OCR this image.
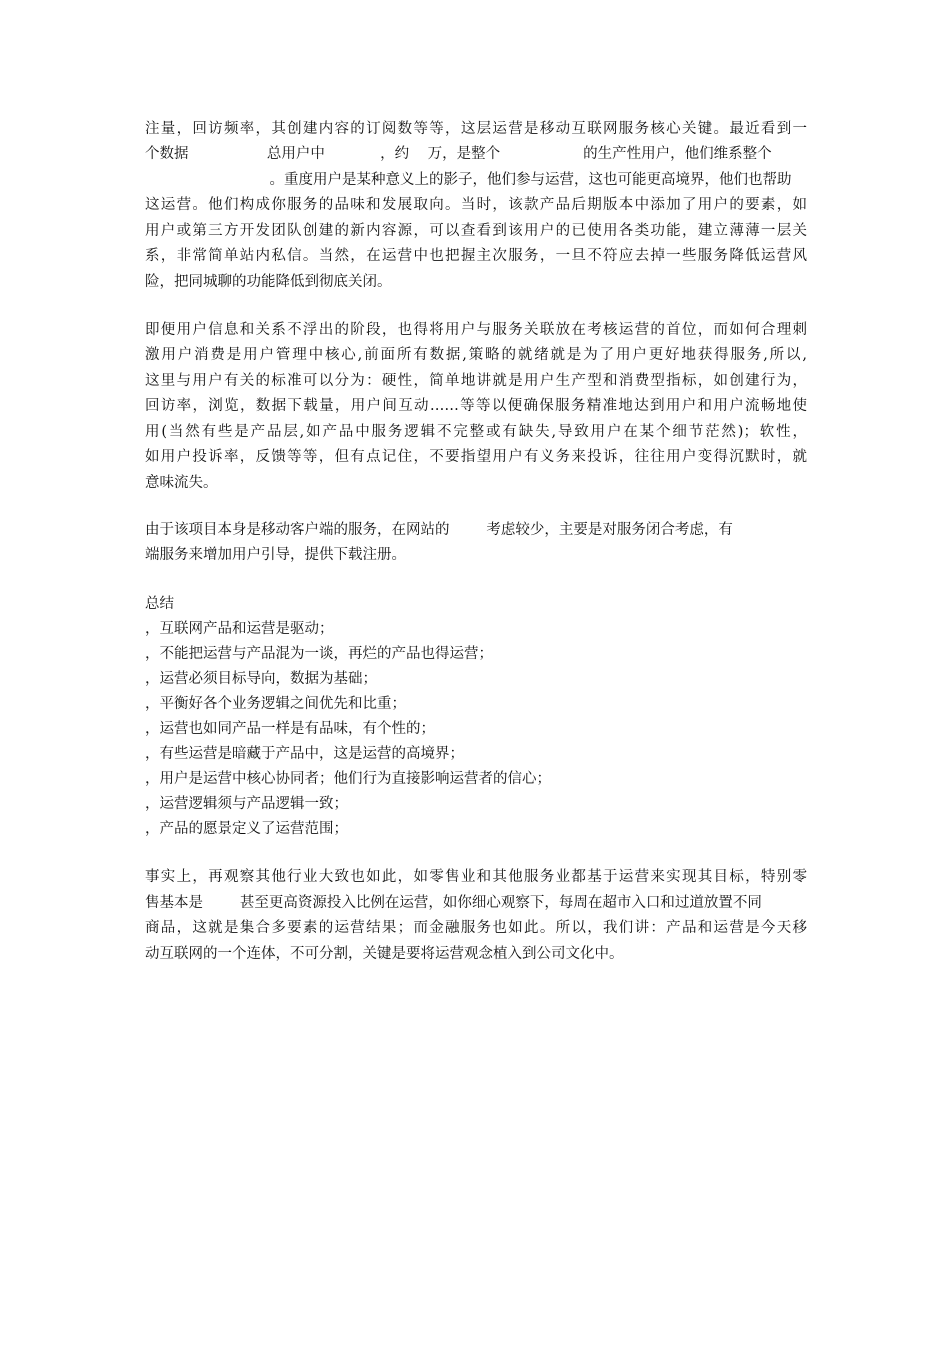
注量，回访频率，其创建内容的订阅数等等，这层运营是移动互联网服务核心关键。最近看到一

个数据                 总用户中            ，约    万，是整个                  的生产性用户，他们维系整个

。重度用户是某种意义上的影子，他们参与运营，这也可能更高境界，他们也帮助

这运营。他们构成你服务的品味和发展取向。当时，该款产品后期版本中添加了用户的要素，如

用户或第三方开发团队创建的新内容源，可以查看到该用户的已使用各类功能，建立薄薄一层关

系，非常简单站内私信。当然，在运营中也把握主次服务，一旦不符应去掉一些服务降低运营风

险，把同城聊的功能降低到彻底关闭。

即便用户信息和关系不浮出的阶段，也得将用户与服务关联放在考核运营的首位，而如何合理刺

激用户消费是用户管理中核心,前面所有数据,策略的就绪就是为了用户更好地获得服务,所以,

这里与用户有关的标准可以分为：硬性，简单地讲就是用户生产型和消费型指标，如创建行为，

回访率，浏览，数据下载量，用户间互动……等等以便确保服务精准地达到用户和用户流畅地使

用(当然有些是产品层,如产品中服务逻辑不完整或有缺失,导致用户在某个细节茫然)；软性，

如用户投诉率，反馈等等，但有点记住，不要指望用户有义务来投诉，往往用户变得沉默时，就

意味流失。

由于该项目本身是移动客户端的服务，在网站的        考虑较少，主要是对服务闭合考虑，有

端服务来增加用户引导，提供下载注册。

总结

，互联网产品和运营是驱动；

，不能把运营与产品混为一谈，再烂的产品也得运营；

，运营必须目标导向，数据为基础；

，平衡好各个业务逻辑之间优先和比重；

，运营也如同产品一样是有品味，有个性的；

，有些运营是暗藏于产品中，这是运营的高境界；

，用户是运营中核心协同者；他们行为直接影响运营者的信心；

，运营逻辑须与产品逻辑一致；

，产品的愿景定义了运营范围；

事实上，再观察其他行业大致也如此，如零售业和其他服务业都基于运营来实现其目标，特别零

售基本是        甚至更高资源投入比例在运营，如你细心观察下，每周在超市入口和过道放置不同

商品，这就是集合多要素的运营结果；而金融服务也如此。所以，我们讲：产品和运营是今天移

动互联网的一个连体，不可分割，关键是要将运营观念植入到公司文化中。
